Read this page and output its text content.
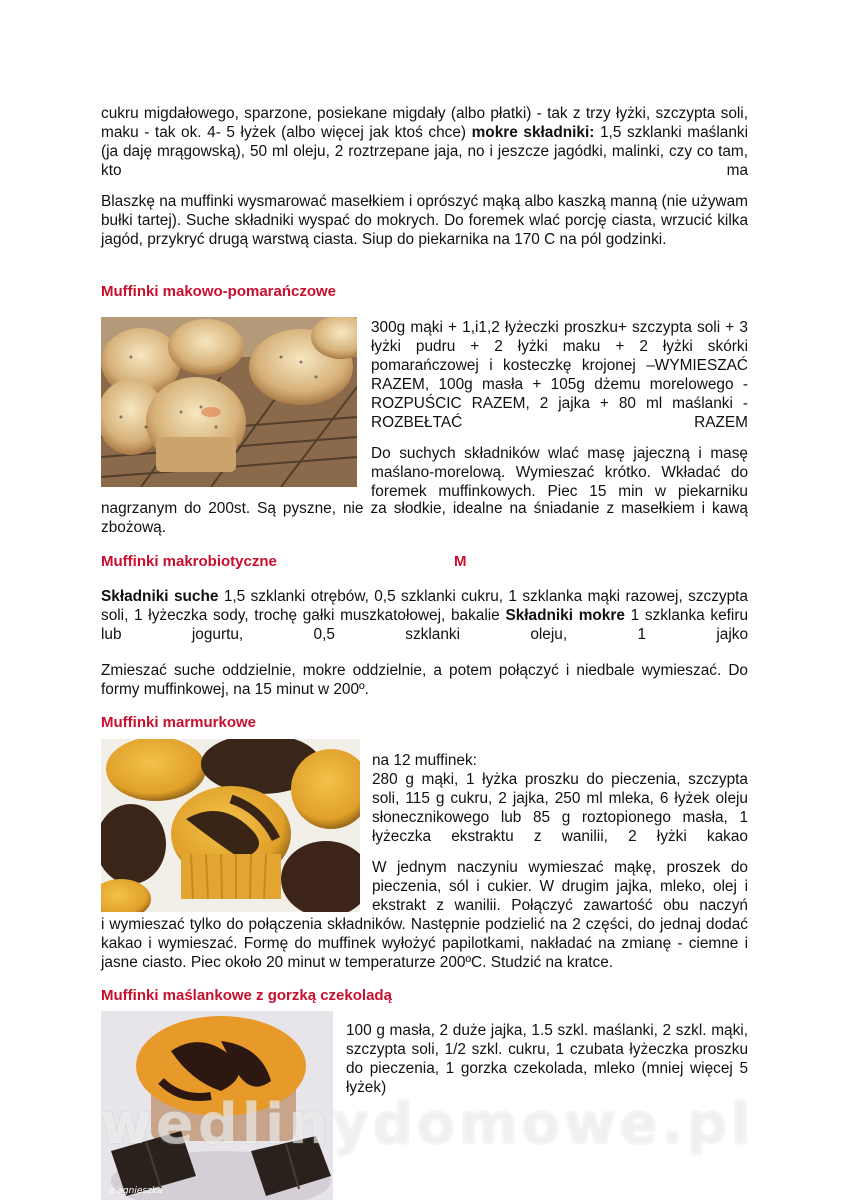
cukru migdałowego, sparzone, posiekane migdały (albo płatki) - tak z trzy łyżki, szczypta soli, maku - tak ok. 4- 5 łyżek (albo więcej jak ktoś chce) mokre składniki: 1,5 szklanki maślanki (ja daję mrągowską), 50 ml oleju, 2 roztrzepane jaja, no i jeszcze jagódki, malinki, czy co tam, kto ma

Blaszkę na muffinki wysmarować masełkiem i oprószyć mąką albo kaszką manną (nie używam bułki tartej). Suche składniki wyspać do mokrych. Do foremek wlać porcję ciasta, wrzucić kilka jagód, przykryć drugą warstwą ciasta. Siup do piekarnika na 170 C na pól godzinki.

Muffinki makowo-pomarańczowe

300g mąki + 1,i1,2 łyżeczki proszku+ szczypta soli + 3 łyżki pudru + 2 łyżki maku + 2 łyżki skórki pomarańczowej i kosteczkę krojonej –WYMIESZAĆ RAZEM, 100g masła + 105g dżemu morelowego - ROZPUŚCIC RAZEM, 2 jajka + 80 ml maślanki - ROZBEŁTAĆ RAZEM

Do suchych składników wlać masę jajeczną i masę maślano-morelową. Wymieszać krótko. Wkładać do foremek muffinkowych. Piec 15 min w piekarniku

nagrzanym do 200st. Są pyszne, nie za słodkie, idealne na śniadanie z masełkiem i kawą zbożową.

Muffinki makrobiotyczne	M

Składniki suche 1,5 szklanki otrębów, 0,5 szklanki cukru, 1 szklanka mąki razowej, szczypta soli, 1 łyżeczka sody, trochę gałki muszkatołowej, bakalie Składniki mokre 1 szklanka kefiru lub jogurtu, 0,5 szklanki oleju, 1 jajko

Zmieszać suche oddzielnie, mokre oddzielnie, a potem połączyć i niedbale wymieszać. Do formy muffinkowej, na 15 minut w 200º.

Muffinki marmurkowe

na 12 muffinek:

280 g mąki, 1 łyżka proszku do pieczenia, szczypta soli, 115 g cukru, 2 jajka, 250 ml mleka, 6 łyżek oleju słonecznikowego lub 85 g roztopionego masła, 1 łyżeczka ekstraktu z wanilii, 2 łyżki kakao

W jednym naczyniu wymieszać mąkę, proszek do pieczenia, sól i cukier. W drugim jajka, mleko, olej i ekstrakt z wanilii. Połączyć zawartość obu naczyń

i wymieszać tylko do połączenia składników. Następnie podzielić na 2 części, do jednaj dodać kakao i wymieszać. Formę do muffinek wyłożyć papilotkami, nakładać na zmianę - ciemne i jasne ciasto. Piec około 20 minut w temperaturze 200ºC. Studzić na kratce.

Muffinki maślankowe z gorzką czekoladą
e agnieszka

100 g masła, 2 duże jajka, 1.5 szkl. maślanki, 2 szkl. mąki, szczypta soli, 1/2 szkl. cukru, 1 czubata łyżeczka proszku do pieczenia, 1 gorzka czekolada, mleko (mniej więcej 5 łyżek)

wedlinydomowe.pl
